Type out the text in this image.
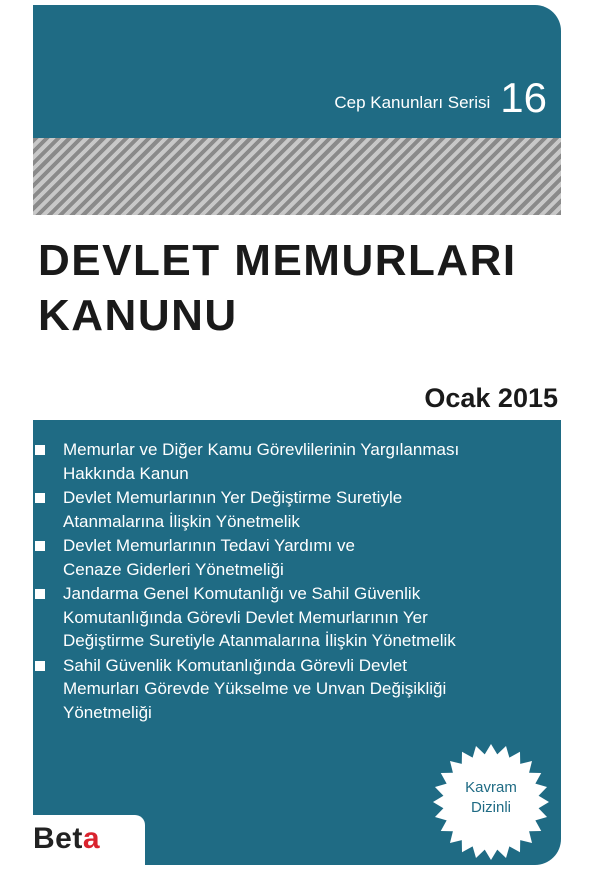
Cep Kanunları Serisi 16
DEVLET MEMURLARI
KANUNU
Ocak 2015
Memurlar ve Diğer Kamu Görevlilerinin Yargılanması
Hakkında Kanun
Devlet Memurlarının Yer Değiştirme Suretiyle
Atanmalarına İlişkin Yönetmelik
Devlet Memurlarının Tedavi Yardımı ve
Cenaze Giderleri Yönetmeliği
Jandarma Genel Komutanlığı ve Sahil Güvenlik
Komutanlığında Görevli Devlet Memurlarının Yer
Değiştirme Suretiyle Atanmalarına İlişkin Yönetmelik
Sahil Güvenlik Komutanlığında Görevli Devlet
Memurları Görevde Yükselme ve Unvan Değişikliği
Yönetmeliği
Kavram
Dizinli
Beta
